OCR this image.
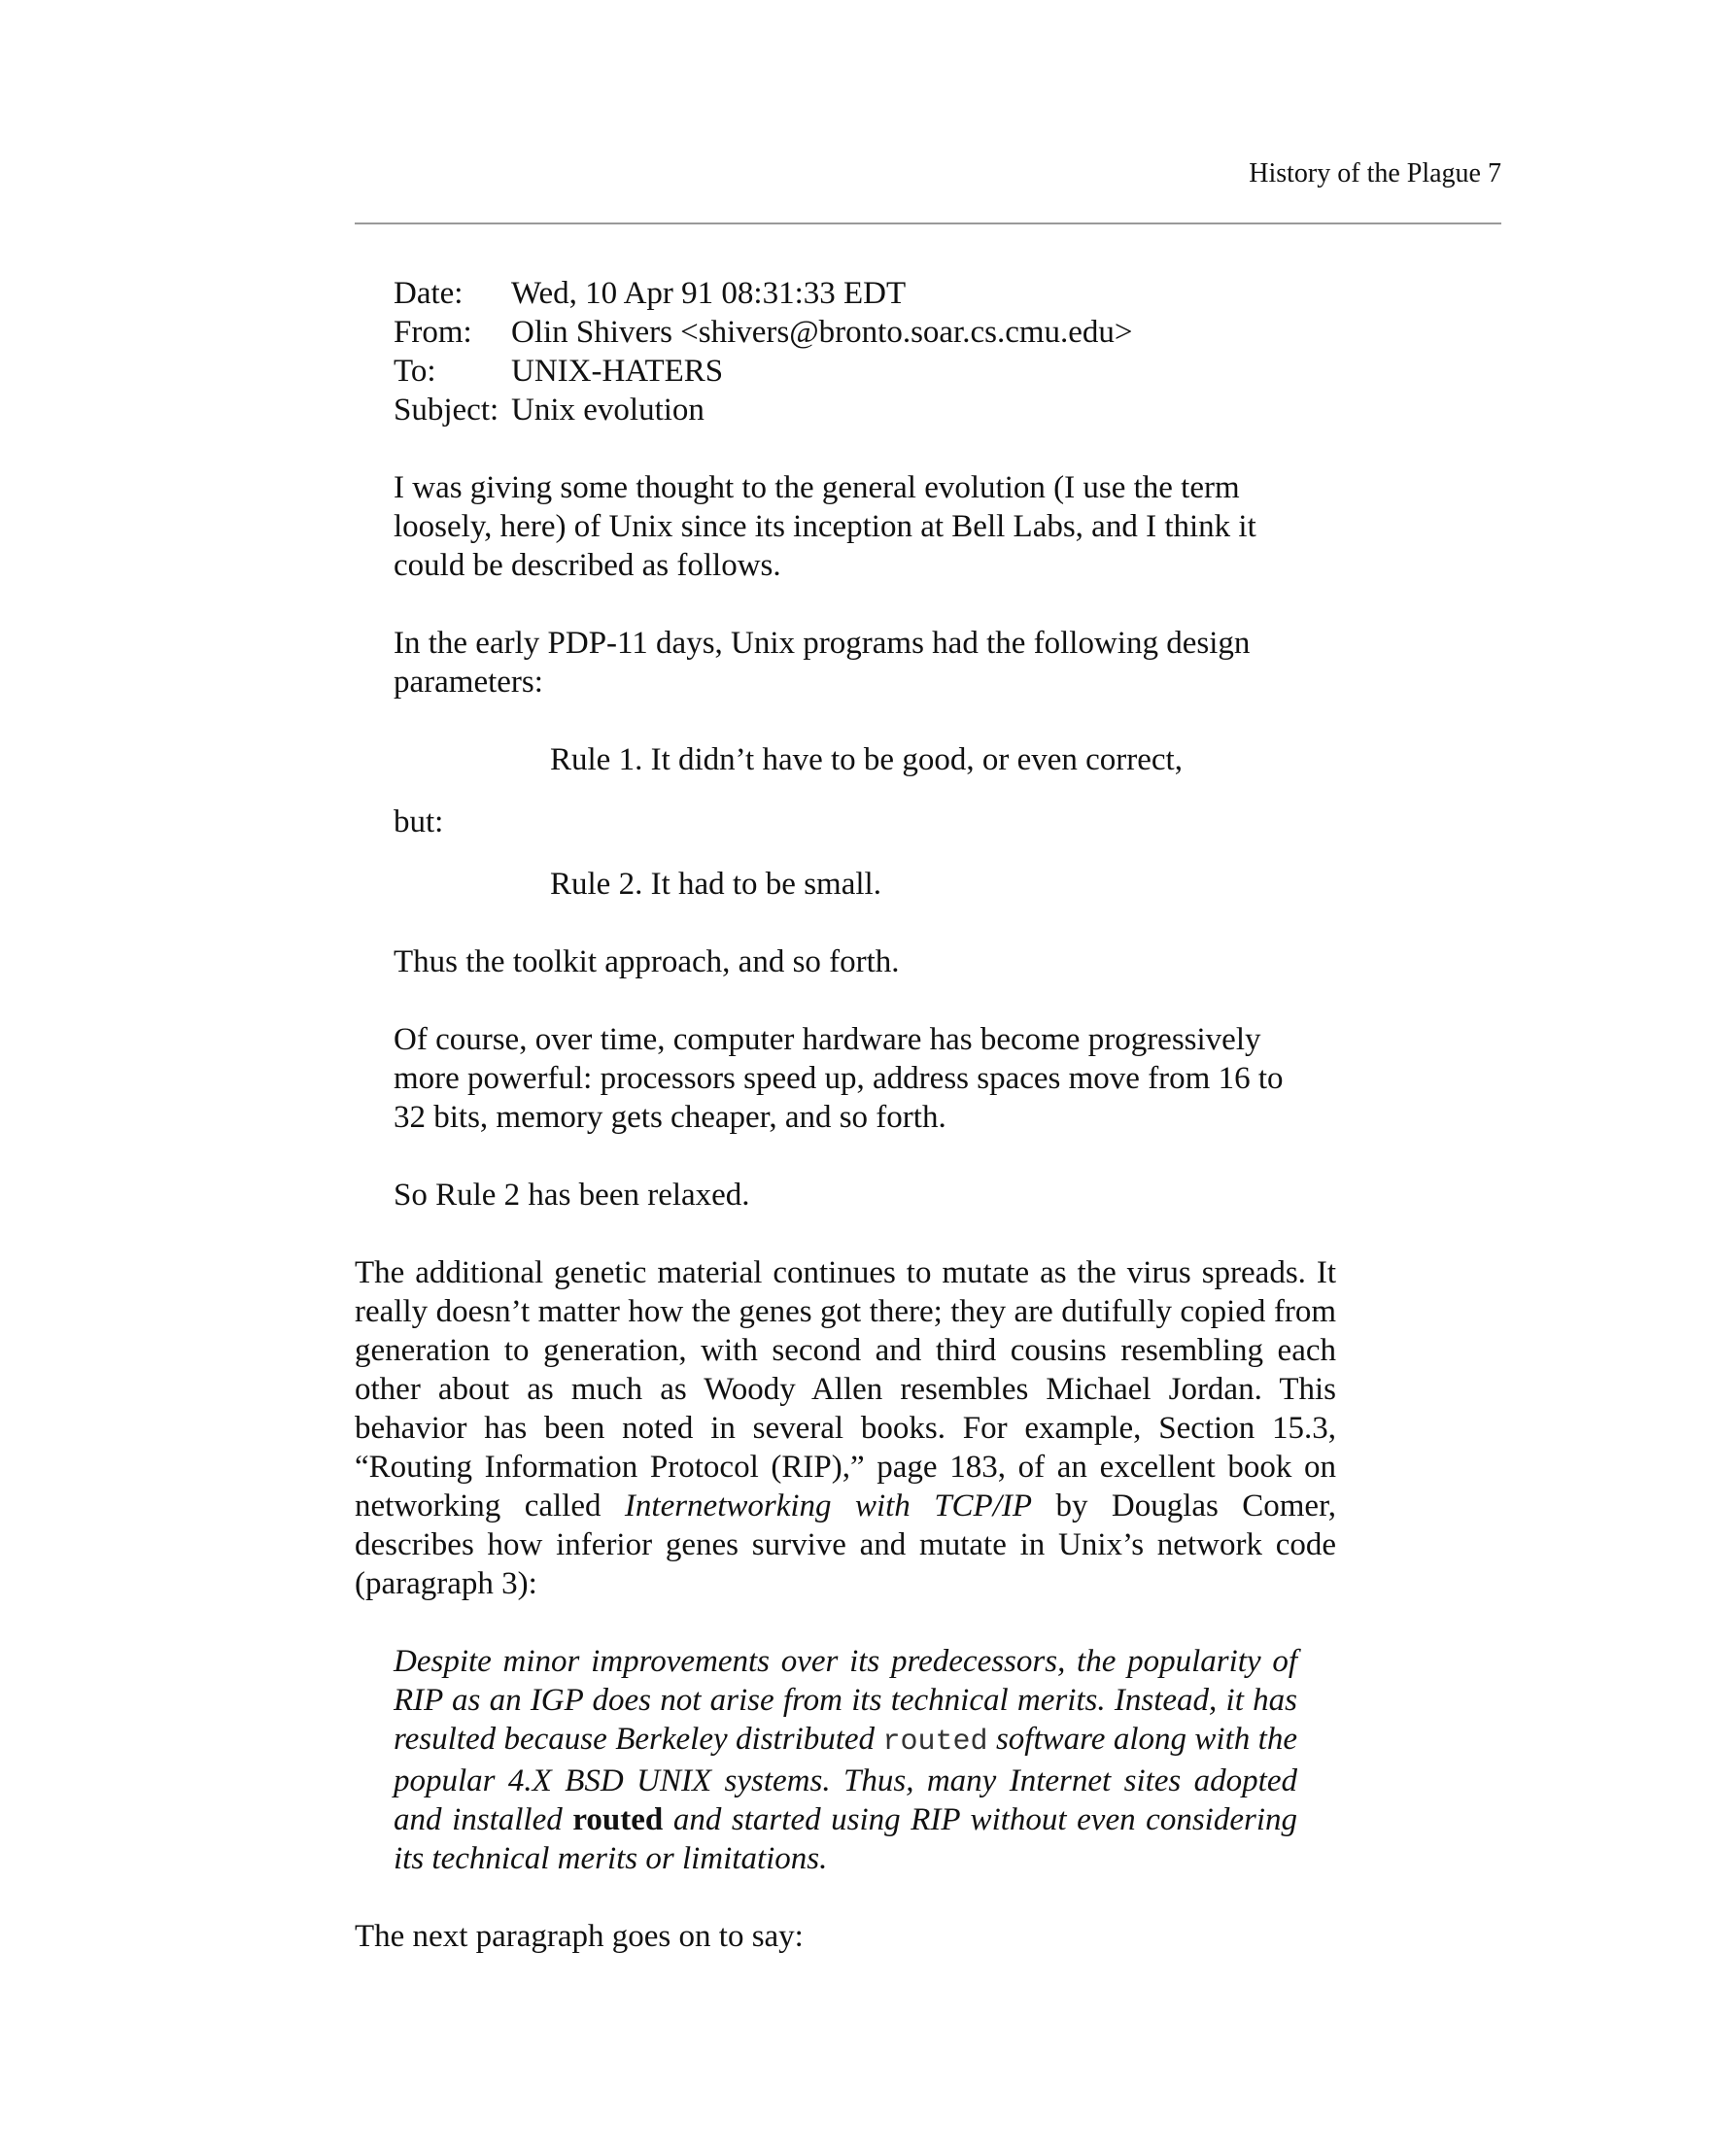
History of the Plague 7
Date:	Wed, 10 Apr 91 08:31:33 EDT
From:	Olin Shivers <shivers@bronto.soar.cs.cmu.edu>
To:	UNIX-HATERS
Subject: Unix evolution

I was giving some thought to the general evolution (I use the term loosely, here) of Unix since its inception at Bell Labs, and I think it could be described as follows.

In the early PDP-11 days, Unix programs had the following design parameters:

Rule 1. It didn’t have to be good, or even correct,

but:

Rule 2. It had to be small.

Thus the toolkit approach, and so forth.

Of course, over time, computer hardware has become progressively more powerful: processors speed up, address spaces move from 16 to 32 bits, memory gets cheaper, and so forth.

So Rule 2 has been relaxed.

The additional genetic material continues to mutate as the virus spreads. It really doesn’t matter how the genes got there; they are dutifully copied from generation to generation, with second and third cousins resembling each other about as much as Woody Allen resembles Michael Jordan. This behavior has been noted in several books. For example, Section 15.3, “Routing Information Protocol (RIP),” page 183, of an excellent book on networking called Internetworking with TCP/IP by Douglas Comer, describes how inferior genes survive and mutate in Unix’s network code (paragraph 3):

Despite minor improvements over its predecessors, the popularity of RIP as an IGP does not arise from its technical merits. Instead, it has resulted because Berkeley distributed routed software along with the popular 4.X BSD UNIX systems. Thus, many Internet sites adopted and installed routed and started using RIP without even considering its technical merits or limitations.

The next paragraph goes on to say:
